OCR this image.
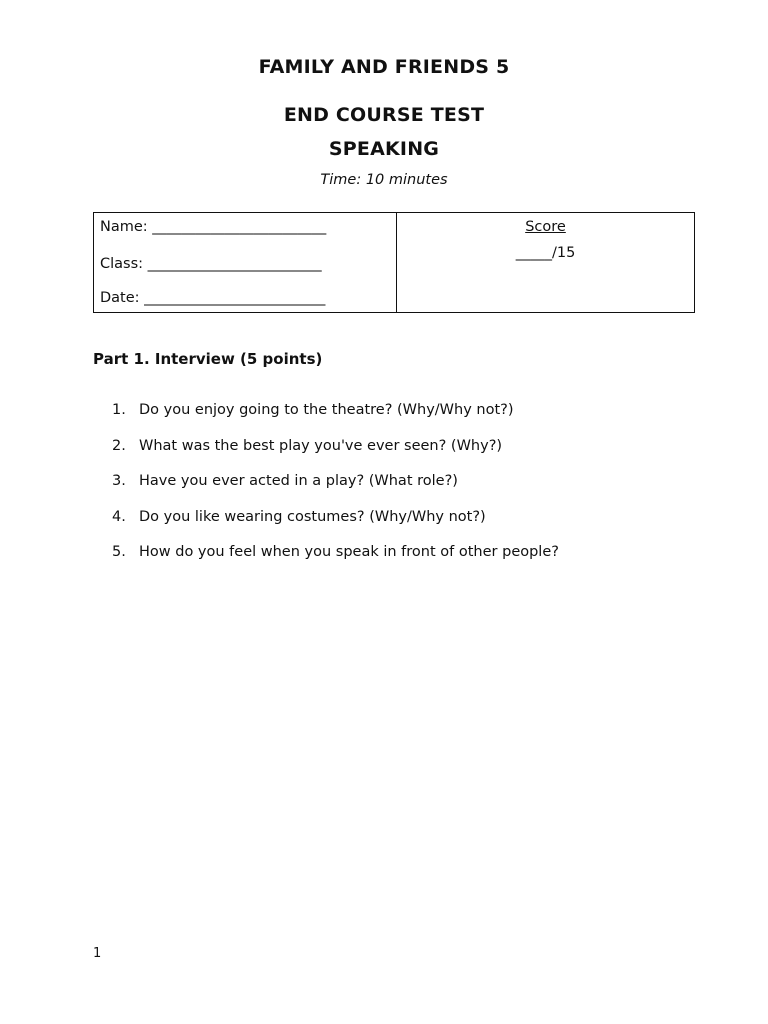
FAMILY AND FRIENDS 5
END COURSE TEST
SPEAKING
Time: 10 minutes
Name: ________________________
Class: ________________________
Date: _________________________
Score
_____/15
Part 1. Interview (5 points)
1. Do you enjoy going to the theatre? (Why/Why not?)
2. What was the best play you've ever seen? (Why?)
3. Have you ever acted in a play? (What role?)
4. Do you like wearing costumes? (Why/Why not?)
5. How do you feel when you speak in front of other people?
1
